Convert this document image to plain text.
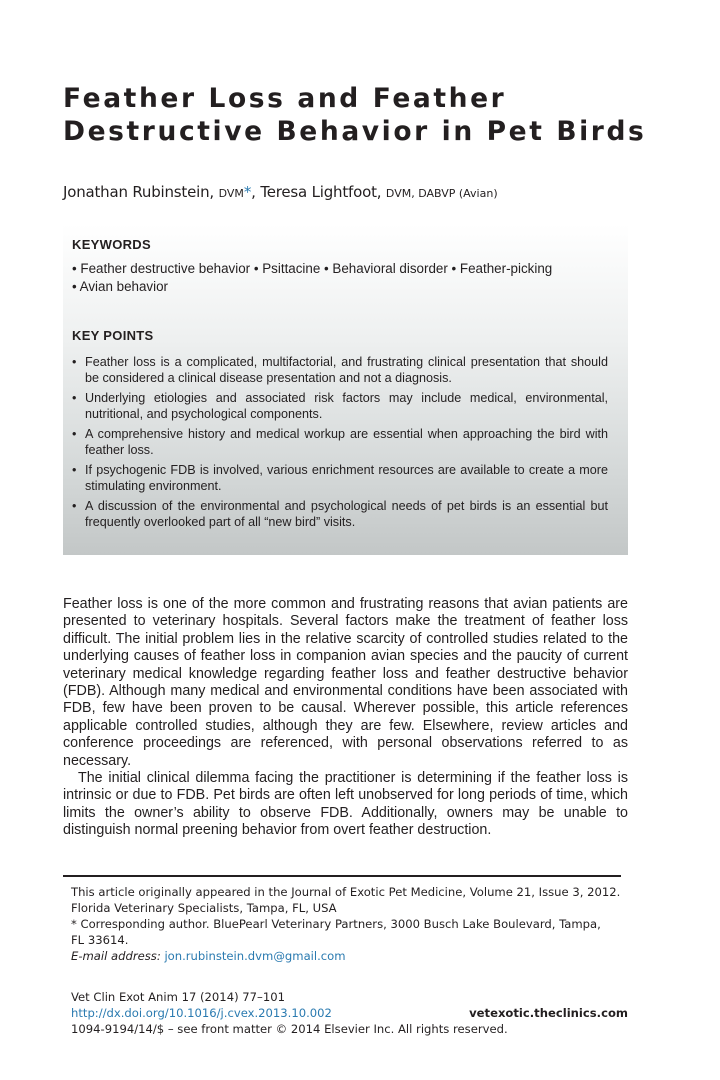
Feather Loss and Feather
Destructive Behavior in Pet Birds
Jonathan Rubinstein, DVM*, Teresa Lightfoot, DVM, DABVP (Avian)
KEYWORDS
• Feather destructive behavior • Psittacine • Behavioral disorder • Feather-picking
• Avian behavior
KEY POINTS
• Feather loss is a complicated, multifactorial, and frustrating clinical presentation that should be considered a clinical disease presentation and not a diagnosis.
• Underlying etiologies and associated risk factors may include medical, environmental, nutritional, and psychological components.
• A comprehensive history and medical workup are essential when approaching the bird with feather loss.
• If psychogenic FDB is involved, various enrichment resources are available to create a more stimulating environment.
• A discussion of the environmental and psychological needs of pet birds is an essential but frequently overlooked part of all “new bird” visits.

Feather loss is one of the more common and frustrating reasons that avian patients are presented to veterinary hospitals. Several factors make the treatment of feather loss difficult. The initial problem lies in the relative scarcity of controlled studies related to the underlying causes of feather loss in companion avian species and the paucity of current veterinary medical knowledge regarding feather loss and feather destructive behavior (FDB). Although many medical and environmental conditions have been associated with FDB, few have been proven to be causal. Wherever possible, this article references applicable controlled studies, although they are few. Elsewhere, review articles and conference proceedings are referenced, with personal observations referred to as necessary.

The initial clinical dilemma facing the practitioner is determining if the feather loss is intrinsic or due to FDB. Pet birds are often left unobserved for long periods of time, which limits the owner’s ability to observe FDB. Additionally, owners may be unable to distinguish normal preening behavior from overt feather destruction.

This article originally appeared in the Journal of Exotic Pet Medicine, Volume 21, Issue 3, 2012.
Florida Veterinary Specialists, Tampa, FL, USA
* Corresponding author. BluePearl Veterinary Partners, 3000 Busch Lake Boulevard, Tampa,
FL 33614.
E-mail address: jon.rubinstein.dvm@gmail.com
Vet Clin Exot Anim 17 (2014) 77–101
http://dx.doi.org/10.1016/j.cvex.2013.10.002	vetexotic.theclinics.com
1094-9194/14/$ – see front matter © 2014 Elsevier Inc. All rights reserved.
